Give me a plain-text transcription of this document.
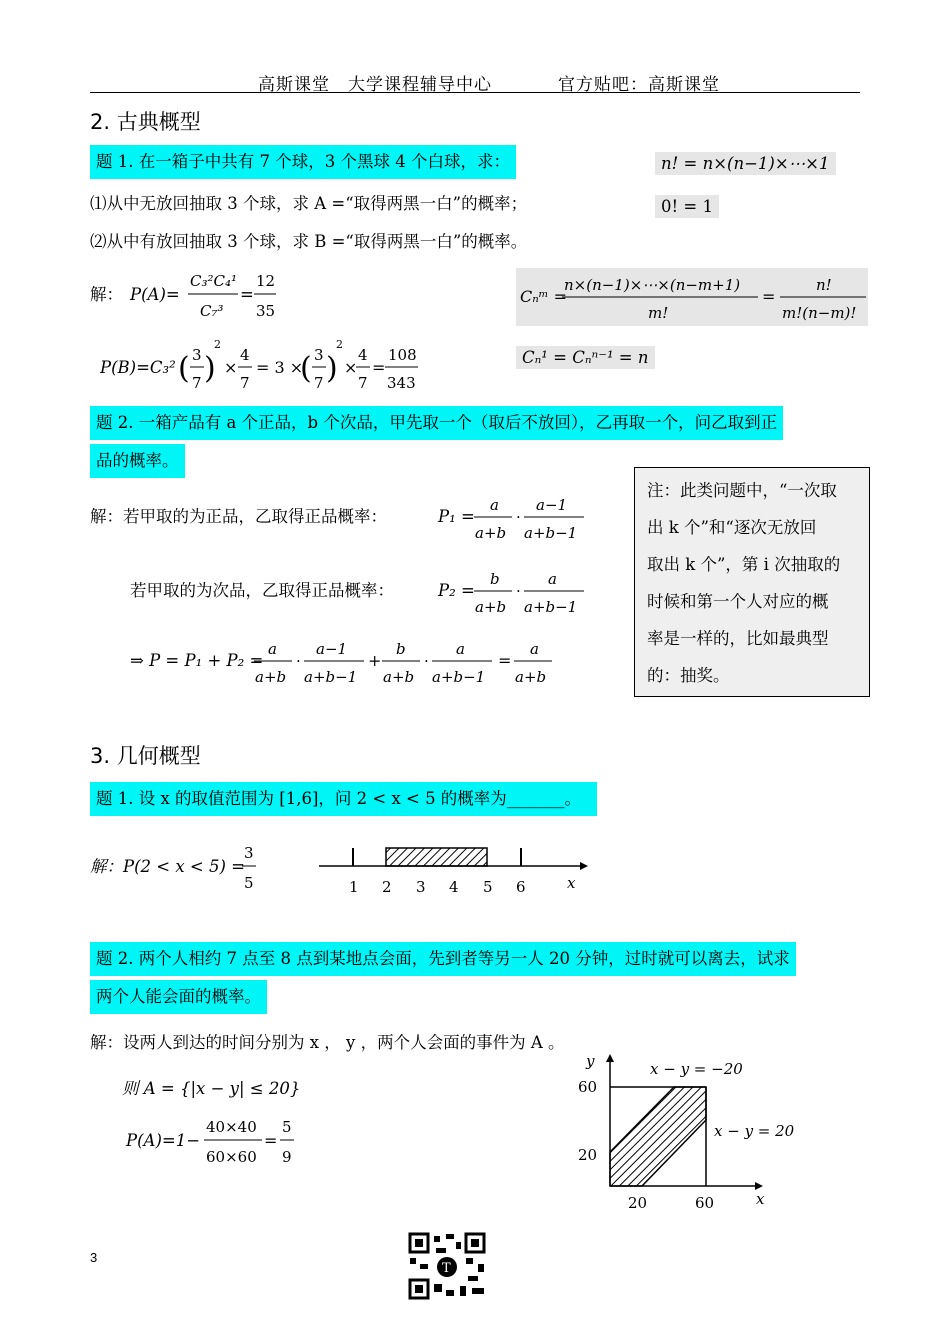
高斯课堂　大学课程辅导中心	官方贴吧：高斯课堂
2. 古典概型
题 1. 在一箱子中共有 7 个球，3 个黑球 4 个白球，求：
⑴从中无放回抽取 3 个球，求 A =“取得两黑一白”的概率；
⑵从中有放回抽取 3 个球，求 B =“取得两黑一白”的概率。
n! = n×(n−1)×⋯×1
0! = 1
Cₙᵐ =
n×(n−1)×⋯×(n−m+1)
m!
=
n!
m!(n−m)!
Cₙ¹ = Cₙⁿ⁻¹ = n
解： P(A)=
C₃²C₄¹
C₇³
=
12
35
P(B)=C₃² ( 3
7 )
2
×
4
7
= 3 ×
( 3
7 )
2
×
4
7
=
108
343
题 2. 一箱产品有 a 个正品，b 个次品，甲先取一个（取后不放回），乙再取一个，问乙取到正
品的概率。
解：若甲取的为正品，乙取得正品概率：	P₁ =
a
a+b
·
a−1
a+b−1
若甲取的为次品，乙取得正品概率：	P₂ =
b
a+b
·
a
a+b−1
⇒ P = P₁ + P₂ =
a
a+b
·
a−1
a+b−1
+
b
a+b
·
a
a+b−1
=
a
a+b
注：此类问题中，“一次取
出 k 个”和“逐次无放回
取出 k 个”，第 i 次抽取的
时候和第一个人对应的概
率是一样的，比如最典型
的：抽奖。
3. 几何概型
题 1. 设 x 的取值范围为 [1,6]，问 2 < x < 5 的概率为_______。
解：P(2 < x < 5) =
3
5	1 2 3 4 5 6	x
题 2. 两个人相约 7 点至 8 点到某地点会面，先到者等另一人 20 分钟，过时就可以离去，试求
两个人能会面的概率。
解：设两人到达的时间分别为 x ， y ，两个人会面的事件为 A 。
则 A = {|x − y| ≤ 20}
P(A)=1−
40×40
60×60
=
5
9
y
x
60
20
20	60
x − y = −20
x − y = 20
3
T
